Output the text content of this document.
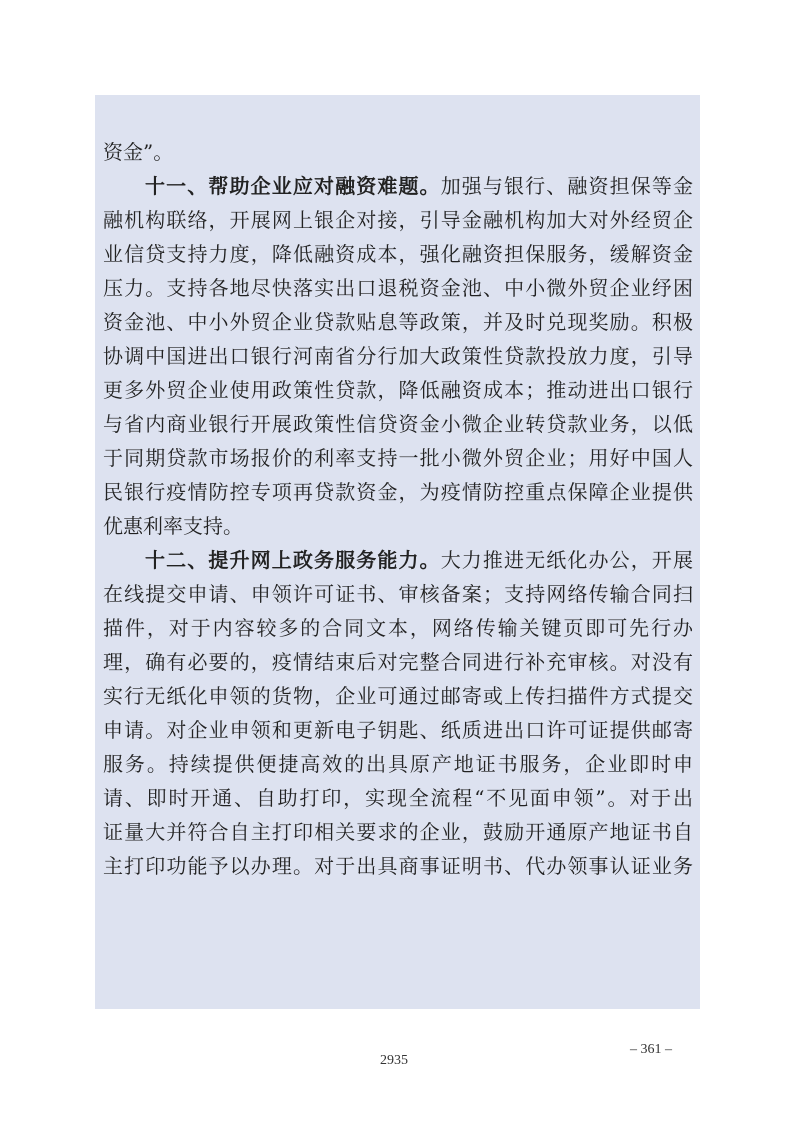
资金”。
十一、帮助企业应对融资难题。加强与银行、融资担保等金
融机构联络，开展网上银企对接，引导金融机构加大对外经贸企
业信贷支持力度，降低融资成本，强化融资担保服务，缓解资金
压力。支持各地尽快落实出口退税资金池、中小微外贸企业纾困
资金池、中小外贸企业贷款贴息等政策，并及时兑现奖励。积极
协调中国进出口银行河南省分行加大政策性贷款投放力度，引导
更多外贸企业使用政策性贷款，降低融资成本；推动进出口银行
与省内商业银行开展政策性信贷资金小微企业转贷款业务，以低
于同期贷款市场报价的利率支持一批小微外贸企业；用好中国人
民银行疫情防控专项再贷款资金，为疫情防控重点保障企业提供
优惠利率支持。
十二、提升网上政务服务能力。大力推进无纸化办公，开展
在线提交申请、申领许可证书、审核备案；支持网络传输合同扫
描件，对于内容较多的合同文本，网络传输关键页即可先行办
理，确有必要的，疫情结束后对完整合同进行补充审核。对没有
实行无纸化申领的货物，企业可通过邮寄或上传扫描件方式提交
申请。对企业申领和更新电子钥匙、纸质进出口许可证提供邮寄
服务。持续提供便捷高效的出具原产地证书服务，企业即时申
请、即时开通、自助打印，实现全流程“不见面申领”。对于出
证量大并符合自主打印相关要求的企业，鼓励开通原产地证书自
主打印功能予以办理。对于出具商事证明书、代办领事认证业务
– 361 –
2935
